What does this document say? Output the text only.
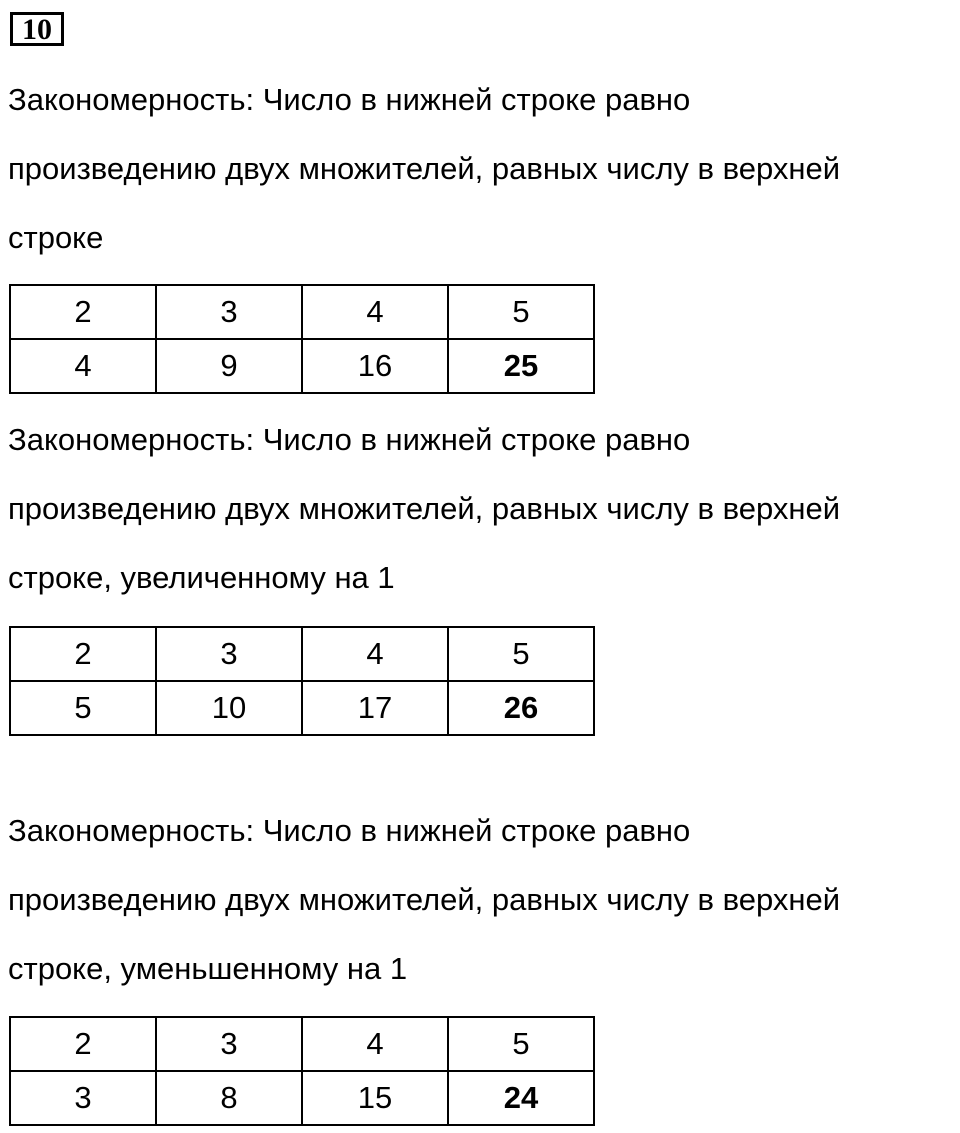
10

Закономерность: Число в нижней строке равно
произведению двух множителей, равных числу в верхней
строке

2	3	4	5
4	9	16	25

Закономерность: Число в нижней строке равно
произведению двух множителей, равных числу в верхней
строке, увеличенному на 1

2	3	4	5
5	10	17	26

Закономерность: Число в нижней строке равно
произведению двух множителей, равных числу в верхней
строке, уменьшенному на 1

2	3	4	5
3	8	15	24
